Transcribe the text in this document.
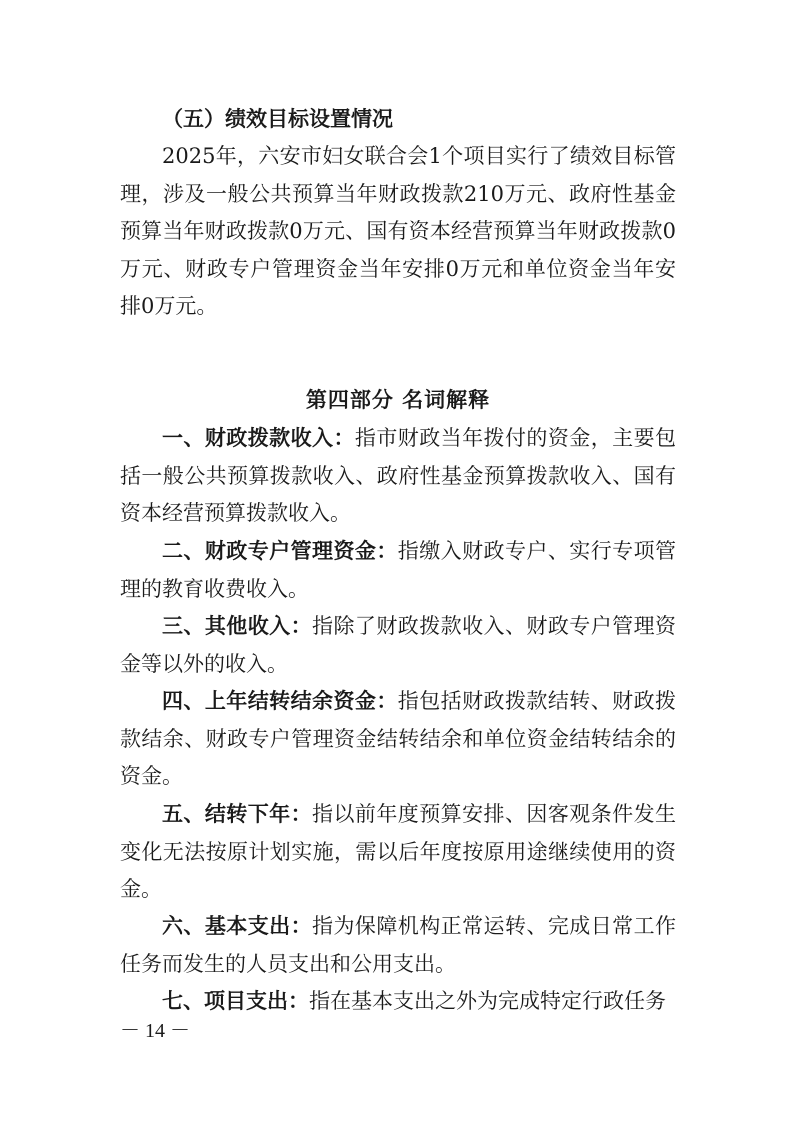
（五）绩效目标设置情况
2025年，六安市妇女联合会1个项目实行了绩效目标管理，涉及一般公共预算当年财政拨款210万元、政府性基金预算当年财政拨款0万元、国有资本经营预算当年财政拨款0万元、财政专户管理资金当年安排0万元和单位资金当年安排0万元。
第四部分 名词解释
一、财政拨款收入：指市财政当年拨付的资金，主要包括一般公共预算拨款收入、政府性基金预算拨款收入、国有资本经营预算拨款收入。
二、财政专户管理资金：指缴入财政专户、实行专项管理的教育收费收入。
三、其他收入：指除了财政拨款收入、财政专户管理资金等以外的收入。
四、上年结转结余资金：指包括财政拨款结转、财政拨款结余、财政专户管理资金结转结余和单位资金结转结余的资金。
五、结转下年：指以前年度预算安排、因客观条件发生变化无法按原计划实施，需以后年度按原用途继续使用的资金。
六、基本支出：指为保障机构正常运转、完成日常工作任务而发生的人员支出和公用支出。
七、项目支出：指在基本支出之外为完成特定行政任务
－ 14 －
